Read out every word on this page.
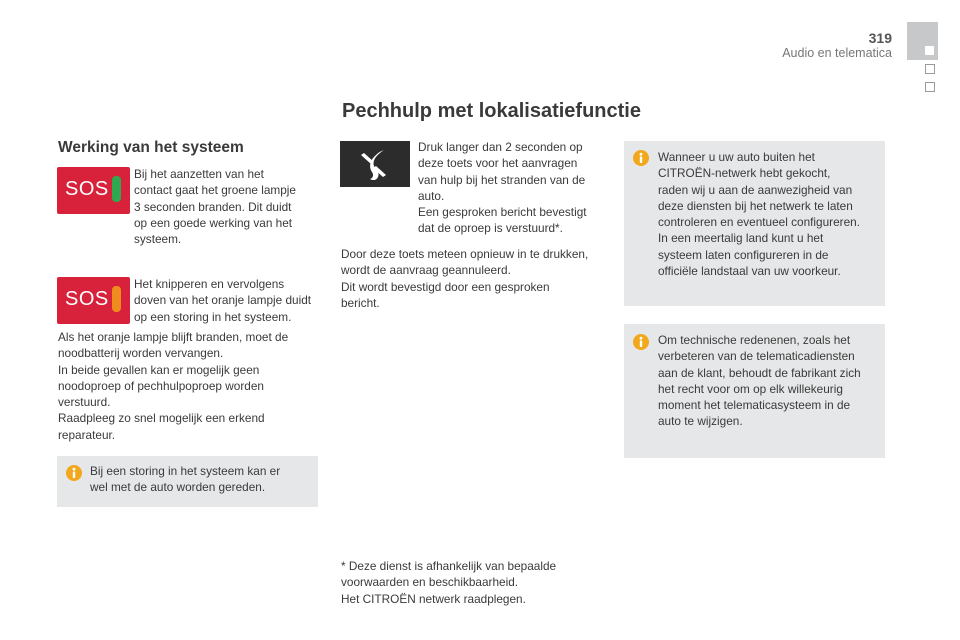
319
Audio en telematica
Pechhulp met lokalisatiefunctie
Werking van het systeem
SOS

Bij het aanzetten van het
contact gaat het groene lampje
3 seconden branden. Dit duidt
op een goede werking van het
systeem.

SOS

Het knipperen en vervolgens
doven van het oranje lampje duidt
op een storing in het systeem.

Als het oranje lampje blijft branden, moet de
noodbatterij worden vervangen.
In beide gevallen kan er mogelijk geen
noodoproep of pechhulpoproep worden
verstuurd.
Raadpleeg zo snel mogelijk een erkend
reparateur.

Bij een storing in het systeem kan er
wel met de auto worden gereden.

Druk langer dan 2 seconden op
deze toets voor het aanvragen
van hulp bij het stranden van de
auto.
Een gesproken bericht bevestigt
dat de oproep is verstuurd*.

Door deze toets meteen opnieuw in te drukken,
wordt de aanvraag geannuleerd.
Dit wordt bevestigd door een gesproken
bericht.

* Deze dienst is afhankelijk van bepaalde
voorwaarden en beschikbaarheid.
Het CITROËN netwerk raadplegen.

Wanneer u uw auto buiten het
CITROËN-netwerk hebt gekocht,
raden wij u aan de aanwezigheid van
deze diensten bij het netwerk te laten
controleren en eventueel configureren.
In een meertalig land kunt u het
systeem laten configureren in de
officiële landstaal van uw voorkeur.

Om technische redenenen, zoals het
verbeteren van de telematicadiensten
aan de klant, behoudt de fabrikant zich
het recht voor om op elk willekeurig
moment het telematicasysteem in de
auto te wijzigen.
